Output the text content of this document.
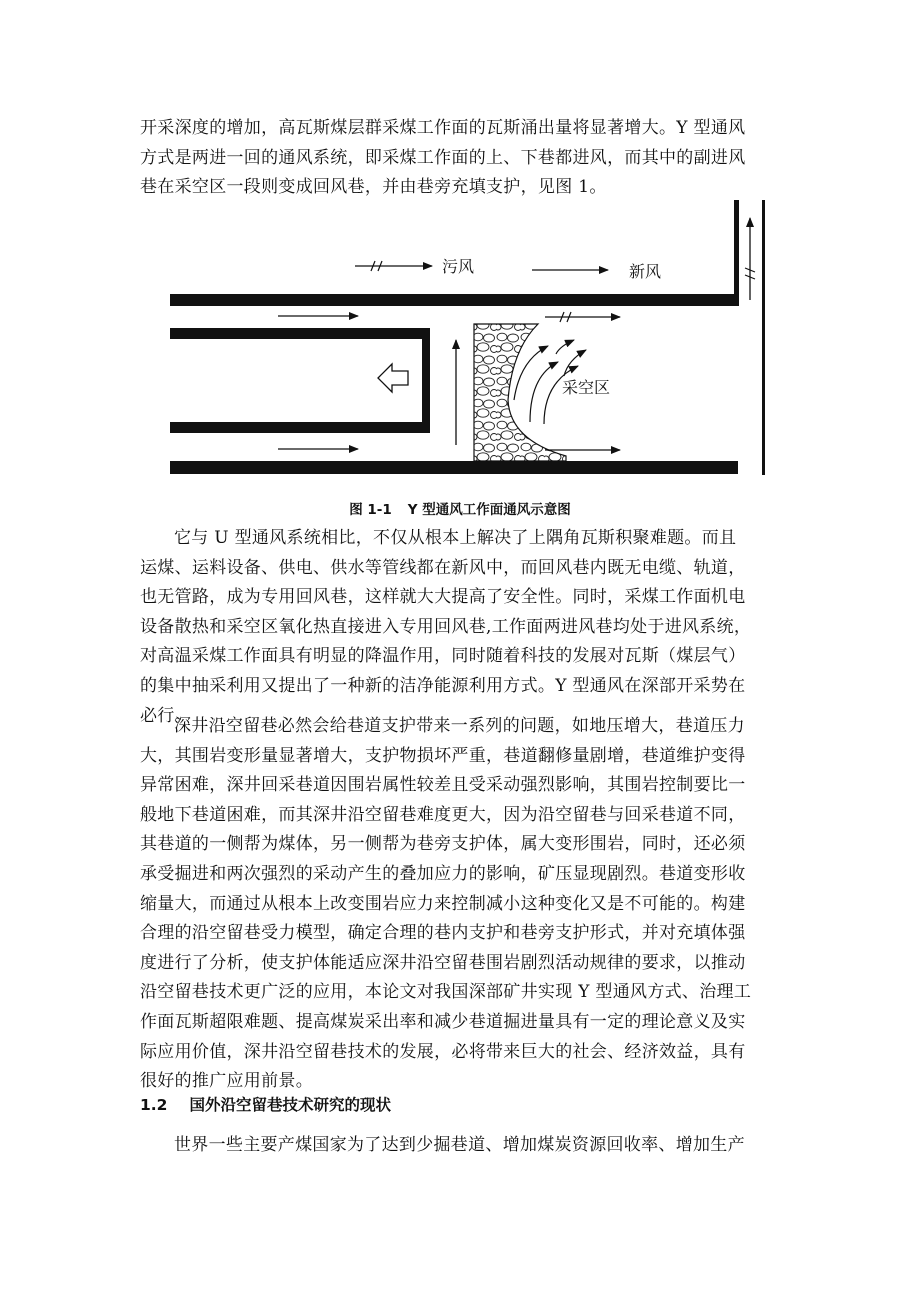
开采深度的增加，高瓦斯煤层群采煤工作面的瓦斯涌出量将显著增大。Y 型通风
方式是两进一回的通风系统，即采煤工作面的上、下巷都进风，而其中的副进风
巷在采空区一段则变成回风巷，并由巷旁充填支护，见图 1。
污风	新风
采空区
图 1-1 Y 型通风工作面通风示意图
它与 U 型通风系统相比，不仅从根本上解决了上隅角瓦斯积聚难题。而且
运煤、运料设备、供电、供水等管线都在新风中，而回风巷内既无电缆、轨道，
也无管路，成为专用回风巷，这样就大大提高了安全性。同时，采煤工作面机电
设备散热和采空区氧化热直接进入专用回风巷,工作面两进风巷均处于进风系统，
对高温采煤工作面具有明显的降温作用，同时随着科技的发展对瓦斯（煤层气）
的集中抽采利用又提出了一种新的洁净能源利用方式。Y 型通风在深部开采势在
必行。
深井沿空留巷必然会给巷道支护带来一系列的问题，如地压增大，巷道压力
大，其围岩变形量显著增大，支护物损坏严重，巷道翻修量剧增，巷道维护变得
异常困难，深井回采巷道因围岩属性较差且受采动强烈影响，其围岩控制要比一
般地下巷道困难，而其深井沿空留巷难度更大，因为沿空留巷与回采巷道不同，
其巷道的一侧帮为煤体，另一侧帮为巷旁支护体，属大变形围岩，同时，还必须
承受掘进和两次强烈的采动产生的叠加应力的影响，矿压显现剧烈。巷道变形收
缩量大，而通过从根本上改变围岩应力来控制减小这种变化又是不可能的。构建
合理的沿空留巷受力模型，确定合理的巷内支护和巷旁支护形式，并对充填体强
度进行了分析，使支护体能适应深井沿空留巷围岩剧烈活动规律的要求，以推动
沿空留巷技术更广泛的应用，本论文对我国深部矿井实现 Y 型通风方式、治理工
作面瓦斯超限难题、提高煤炭采出率和减少巷道掘进量具有一定的理论意义及实
际应用价值，深井沿空留巷技术的发展，必将带来巨大的社会、经济效益，具有
很好的推广应用前景。
1.2 国外沿空留巷技术研究的现状
世界一些主要产煤国家为了达到少掘巷道、增加煤炭资源回收率、增加生产
